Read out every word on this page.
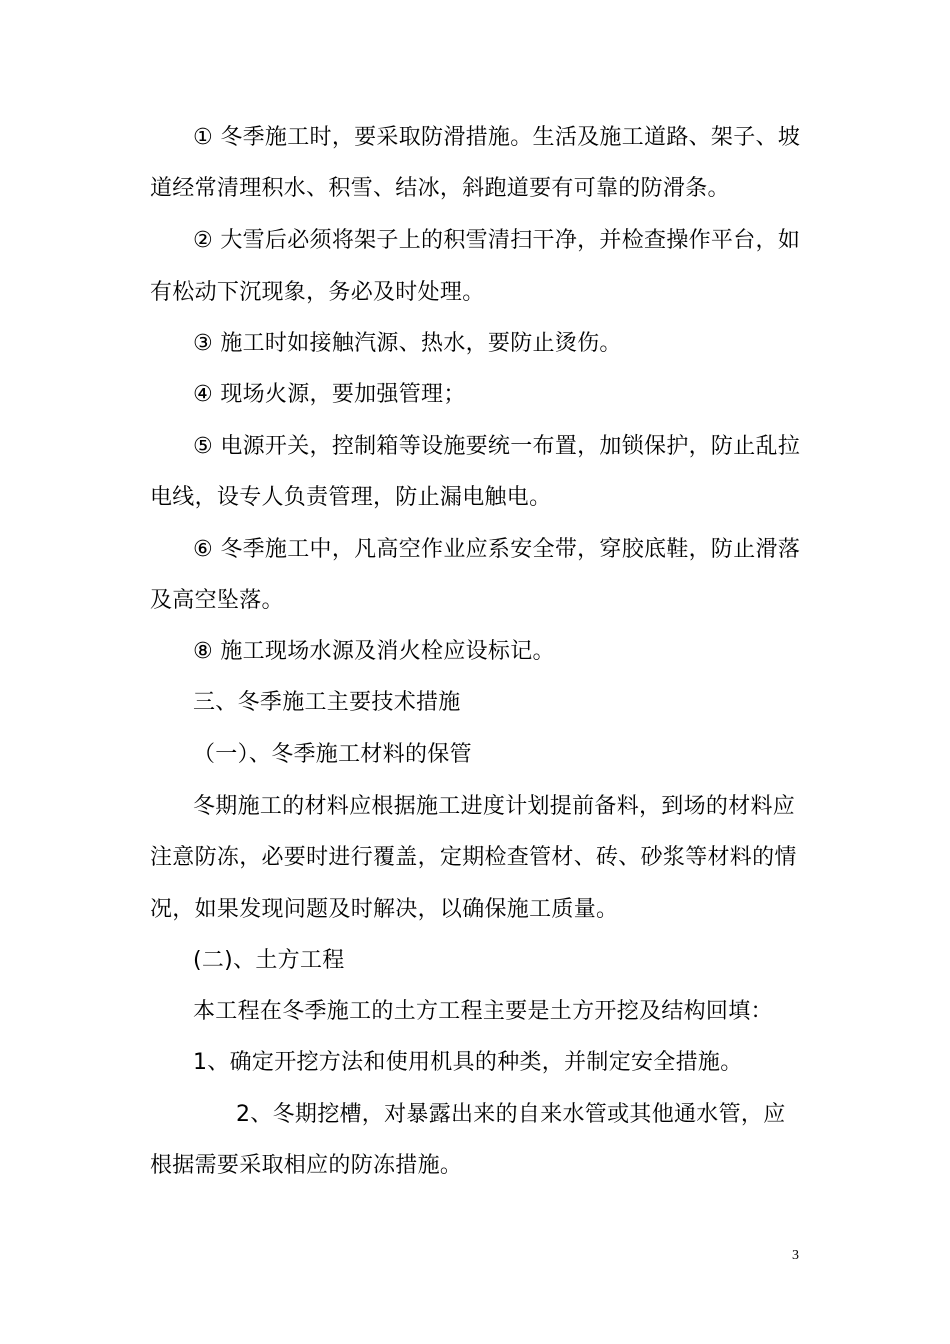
① 冬季施工时，要采取防滑措施。生活及施工道路、架子、坡
道经常清理积水、积雪、结冰，斜跑道要有可靠的防滑条。
② 大雪后必须将架子上的积雪清扫干净，并检查操作平台，如
有松动下沉现象，务必及时处理。
③ 施工时如接触汽源、热水，要防止烫伤。
④ 现场火源，要加强管理；
⑤ 电源开关，控制箱等设施要统一布置，加锁保护，防止乱拉
电线，设专人负责管理，防止漏电触电。
⑥ 冬季施工中，凡高空作业应系安全带，穿胶底鞋，防止滑落
及高空坠落。
⑧ 施工现场水源及消火栓应设标记。
三、冬季施工主要技术措施
（一）、冬季施工材料的保管
冬期施工的材料应根据施工进度计划提前备料，到场的材料应
注意防冻，必要时进行覆盖，定期检查管材、砖、砂浆等材料的情
况，如果发现问题及时解决，以确保施工质量。
(二)、土方工程
本工程在冬季施工的土方工程主要是土方开挖及结构回填：
1、确定开挖方法和使用机具的种类，并制定安全措施。
2、冬期挖槽，对暴露出来的自来水管或其他通水管，应
根据需要采取相应的防冻措施。
3
